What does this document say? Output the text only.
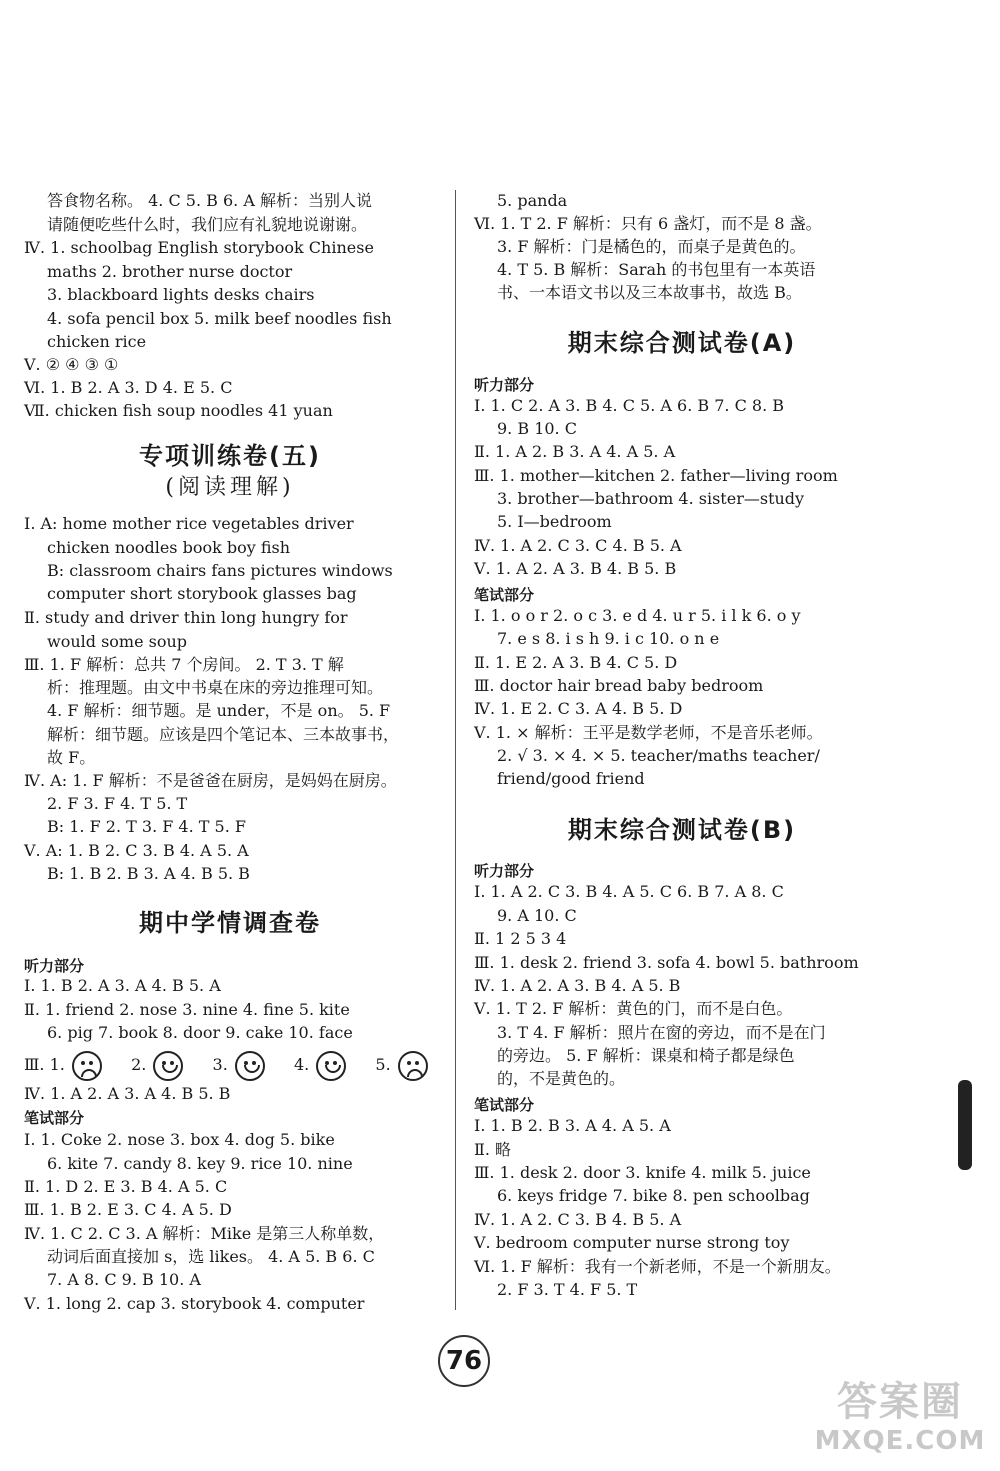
答食物名称。 4. C 5. B 6. A 解析：当别人说
请随便吃些什么时，我们应有礼貌地说谢谢。
Ⅳ. 1. schoolbag English storybook Chinese
maths 2. brother nurse doctor
3. blackboard lights desks chairs
4. sofa pencil box 5. milk beef noodles fish
chicken rice
Ⅴ. ② ④ ③ ①
Ⅵ. 1. B 2. A 3. D 4. E 5. C
Ⅶ. chicken fish soup noodles 41 yuan
专项训练卷(五)
(阅读理解)
Ⅰ. A: home mother rice vegetables driver
chicken noodles book boy fish
B: classroom chairs fans pictures windows
computer short storybook glasses bag
Ⅱ. study and driver thin long hungry for
would some soup
Ⅲ. 1. F 解析：总共 7 个房间。 2. T 3. T 解
析：推理题。由文中书桌在床的旁边推理可知。
4. F 解析：细节题。是 under，不是 on。 5. F
解析：细节题。应该是四个笔记本、三本故事书，
故 F。
Ⅳ. A: 1. F 解析：不是爸爸在厨房，是妈妈在厨房。
2. F 3. F 4. T 5. T
B: 1. F 2. T 3. F 4. T 5. F
Ⅴ. A: 1. B 2. C 3. B 4. A 5. A
B: 1. B 2. B 3. A 4. B 5. B
期中学情调查卷
听力部分
Ⅰ. 1. B 2. A 3. A 4. B 5. A
Ⅱ. 1. friend 2. nose 3. nine 4. fine 5. kite
6. pig 7. book 8. door 9. cake 10. face
Ⅲ. 1.	2.	3.	4.	5.
Ⅳ. 1. A 2. A 3. A 4. B 5. B
笔试部分
Ⅰ. 1. Coke 2. nose 3. box 4. dog 5. bike
6. kite 7. candy 8. key 9. rice 10. nine
Ⅱ. 1. D 2. E 3. B 4. A 5. C
Ⅲ. 1. B 2. E 3. C 4. A 5. D
Ⅳ. 1. C 2. C 3. A 解析：Mike 是第三人称单数，
动词后面直接加 s，选 likes。 4. A 5. B 6. C
7. A 8. C 9. B 10. A
Ⅴ. 1. long 2. cap 3. storybook 4. computer
5. panda
Ⅵ. 1. T 2. F 解析：只有 6 盏灯，而不是 8 盏。
3. F 解析：门是橘色的，而桌子是黄色的。
4. T 5. B 解析：Sarah 的书包里有一本英语
书、一本语文书以及三本故事书，故选 B。
期末综合测试卷(A)
听力部分
Ⅰ. 1. C 2. A 3. B 4. C 5. A 6. B 7. C 8. B
9. B 10. C
Ⅱ. 1. A 2. B 3. A 4. A 5. A
Ⅲ. 1. mother—kitchen 2. father—living room
3. brother—bathroom 4. sister—study
5. I—bedroom
Ⅳ. 1. A 2. C 3. C 4. B 5. A
Ⅴ. 1. A 2. A 3. B 4. B 5. B
笔试部分
Ⅰ. 1. o o r 2. o c 3. e d 4. u r 5. i l k 6. o y
7. e s 8. i s h 9. i c 10. o n e
Ⅱ. 1. E 2. A 3. B 4. C 5. D
Ⅲ. doctor hair bread baby bedroom
Ⅳ. 1. E 2. C 3. A 4. B 5. D
Ⅴ. 1. × 解析：王平是数学老师，不是音乐老师。
2. √ 3. × 4. × 5. teacher/maths teacher/
friend/good friend
期末综合测试卷(B)
听力部分
Ⅰ. 1. A 2. C 3. B 4. A 5. C 6. B 7. A 8. C
9. A 10. C
Ⅱ. 1 2 5 3 4
Ⅲ. 1. desk 2. friend 3. sofa 4. bowl 5. bathroom
Ⅳ. 1. A 2. A 3. B 4. A 5. B
Ⅴ. 1. T 2. F 解析：黄色的门，而不是白色。
3. T 4. F 解析：照片在窗的旁边，而不是在门
的旁边。 5. F 解析：课桌和椅子都是绿色
的，不是黄色的。
笔试部分
Ⅰ. 1. B 2. B 3. A 4. A 5. A
Ⅱ. 略
Ⅲ. 1. desk 2. door 3. knife 4. milk 5. juice
6. keys fridge 7. bike 8. pen schoolbag
Ⅳ. 1. A 2. C 3. B 4. B 5. A
Ⅴ. bedroom computer nurse strong toy
Ⅵ. 1. F 解析：我有一个新老师，不是一个新朋友。
2. F 3. T 4. F 5. T
76
答案圈
MXQE.COM
